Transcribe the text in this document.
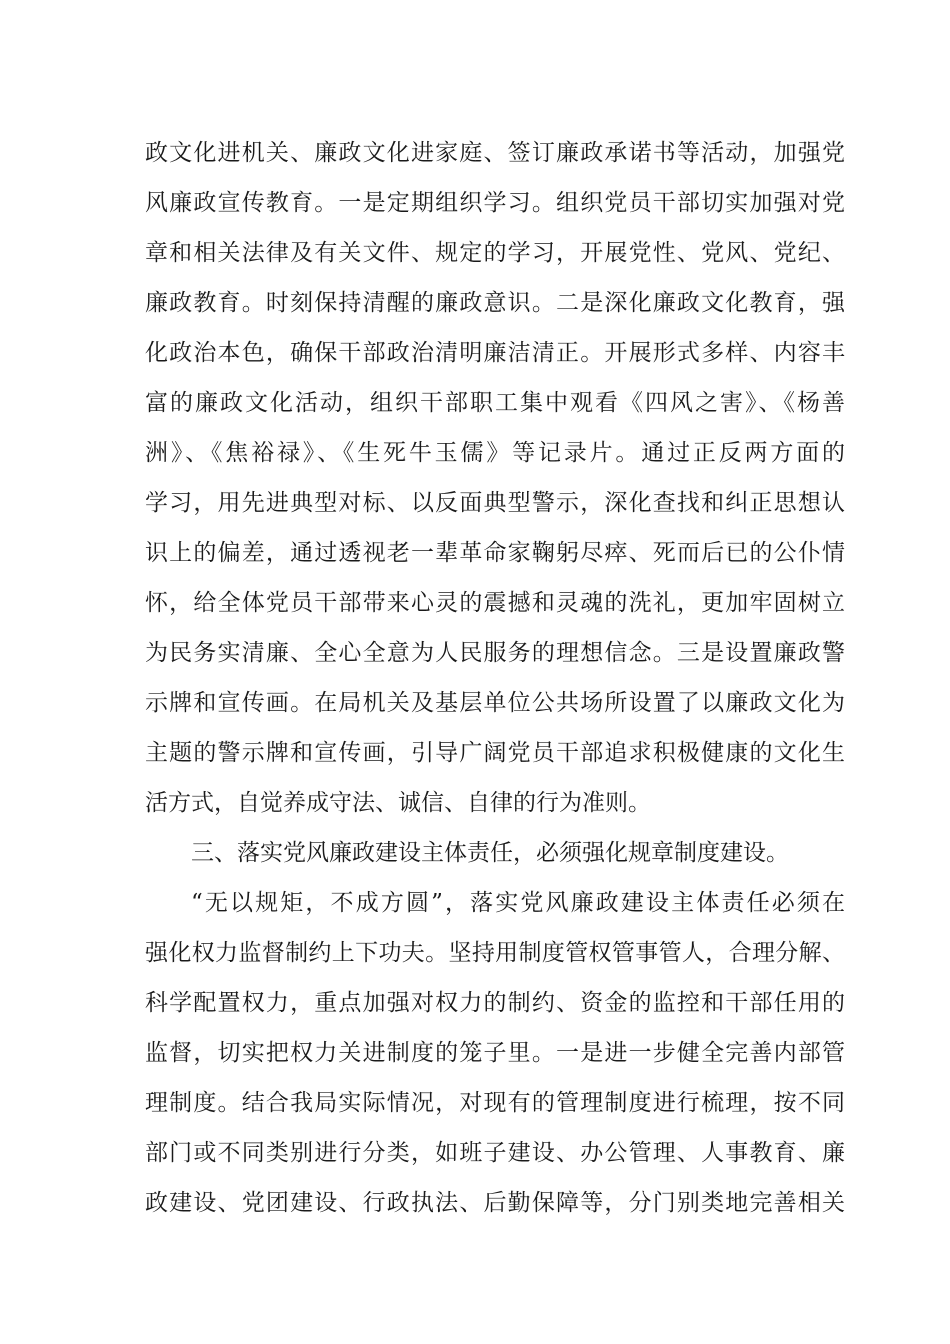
政文化进机关、廉政文化进家庭、签订廉政承诺书等活动，加强党
风廉政宣传教育。一是定期组织学习。组织党员干部切实加强对党
章和相关法律及有关文件、规定的学习，开展党性、党风、党纪、
廉政教育。时刻保持清醒的廉政意识。二是深化廉政文化教育，强
化政治本色，确保干部政治清明廉洁清正。开展形式多样、内容丰
富的廉政文化活动，组织干部职工集中观看《四风之害》、《杨善
洲》、《焦裕禄》、《生死牛玉儒》等记录片。通过正反两方面的
学习，用先进典型对标、以反面典型警示，深化查找和纠正思想认
识上的偏差，通过透视老一辈革命家鞠躬尽瘁、死而后已的公仆情
怀，给全体党员干部带来心灵的震撼和灵魂的洗礼，更加牢固树立
为民务实清廉、全心全意为人民服务的理想信念。三是设置廉政警
示牌和宣传画。在局机关及基层单位公共场所设置了以廉政文化为
主题的警示牌和宣传画，引导广阔党员干部追求积极健康的文化生
活方式，自觉养成守法、诚信、自律的行为准则。
三、落实党风廉政建设主体责任，必须强化规章制度建设。
“无以规矩，不成方圆”，落实党风廉政建设主体责任必须在
强化权力监督制约上下功夫。坚持用制度管权管事管人，合理分解、
科学配置权力，重点加强对权力的制约、资金的监控和干部任用的
监督，切实把权力关进制度的笼子里。一是进一步健全完善内部管
理制度。结合我局实际情况，对现有的管理制度进行梳理，按不同
部门或不同类别进行分类，如班子建设、办公管理、人事教育、廉
政建设、党团建设、行政执法、后勤保障等，分门别类地完善相关
